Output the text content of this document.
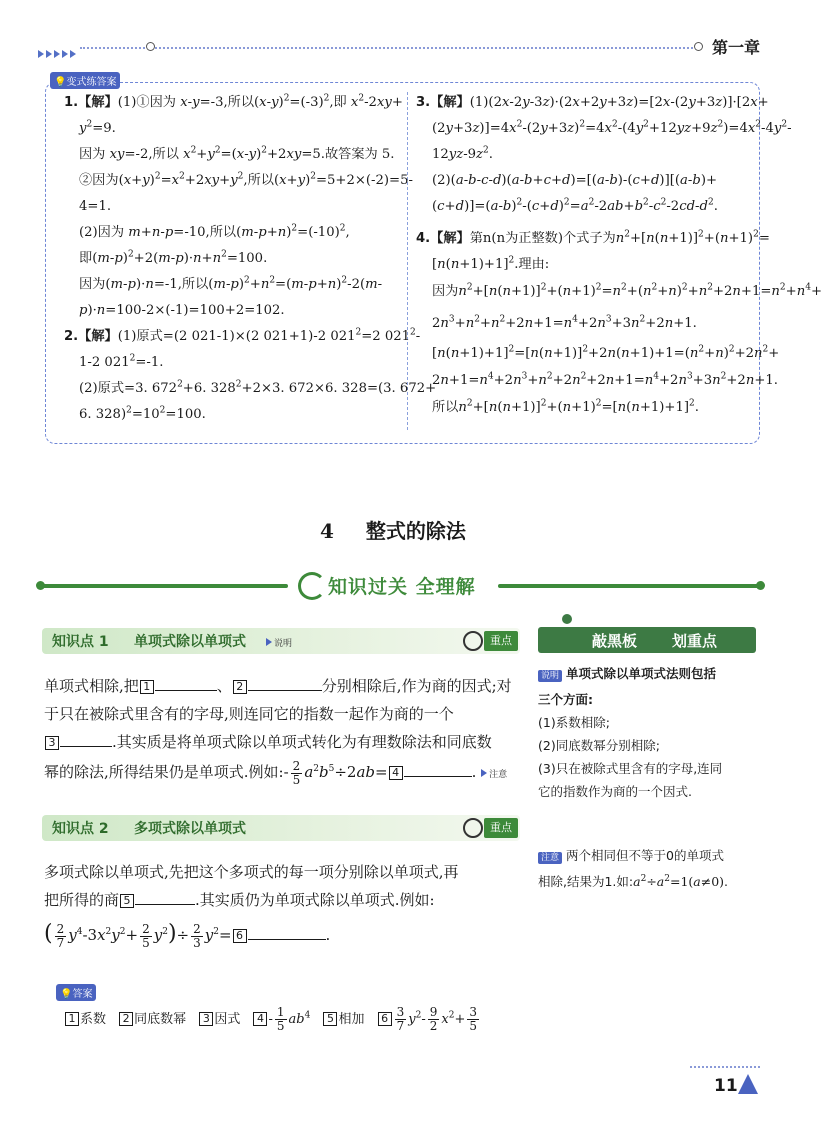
第一章
💡变式练答案
1.【解】(1)①因为 x-y=-3,所以$(x-y)^2=(-3)^2$,即 $x^2-2xy+$
$y^2=9$.
因为 xy=-2,所以 $x^2+y^2=(x-y)^2+2xy=5$.故答案为 5.
②因为$(x+y)^2=x^2+2xy+y^2$,所以$(x+y)^2=5+2\times(-2)=5-$
4=1.
(2)因为 m+n-p=-10,所以$(m-p+n)^2=(-10)^2$,
即$(m-p)^2+2(m-p)\cdot n+n^2=100$.
因为(m-p)·n=-1,所以$(m-p)^2+n^2=(m-p+n)^2-2(m-$
p)·n=100-2×(-1)=100+2=102.
2.【解】(1)原式=(2 021-1)×(2 021+1)-2 $021^2=2$ $021^2-$
1-2 $021^2=-1$.
(2)原式=3. $672^2+6$. $328^2+2\times 3$. 672×6. 328=(3. 672+
6. $328)^2=10^2=100$.
3.【解】(1)(2x-2y-3z)·(2x+2y+3z)=[2x-(2y+3z)]·[2x+
$(2y+3z)]=4x^2-(2y+3z)^2=4x^2-(4y^2+12yz+9z^2)=4x^2-4y^2-$
$12yz-9z^2$.
(2)(a-b-c-d)(a-b+c+d)=[(a-b)-(c+d)][(a-b)+
$(c+d)]=(a-b)^2-(c+d)^2=a^2-2ab+b^2-c^2-2cd-d^2$.
4.【解】第n(n为正整数)个式子为$n^2+[n(n+1)]^2+(n+1)^2=$
$[n(n+1)+1]^2$.理由:
因为$n^2+[n(n+1)]^2+(n+1)^2=n^2+(n^2+n)^2+n^2+2n+1=n^2+n^4+$
$2n^3+n^2+n^2+2n+1=n^4+2n^3+3n^2+2n+1$.
$[n(n+1)+1]^2=[n(n+1)]^2+2n(n+1)+1=(n^2+n)^2+2n^2+$
$2n+1=n^4+2n^3+n^2+2n^2+2n+1=n^4+2n^3+3n^2+2n+1$.
所以$n^2+[n(n+1)]^2+(n+1)^2=[n(n+1)+1]^2$.
4 整式的除法
知识过关 全理解
知识点 1 单项式除以单项式	说明	重点
单项式相除,把 1	、 2	分别相除后,作为商的因式;对
于只在被除式里含有的字母,则连同它的指数一起作为商的一个
3	.其实质是将单项式除以单项式转化为有理数除法和同底数
幂的除法,所得结果仍是单项式.例如:- $\frac{2}{5} a^2b^5\div 2ab= 4$	. 注意
知识点 2 多项式除以单项式	重点
多项式除以单项式,先把这个多项式的每一项分别除以单项式,再
把所得的商 5	.其实质仍为单项式除以单项式.例如:
( $\frac{2}{7} y^4-3x^2y^2+ \frac{2}{5} y^2)\div \frac{2}{3} y^2= 6$	.
敲黑板 划重点
说明 单项式除以单项式法则包括
三个方面:
(1)系数相除;
(2)同底数幂分别相除;
(3)只在被除式里含有的字母,连同
它的指数作为商的一个因式.
注意 两个相同但不等于0的单项式
相除,结果为1.如$:a^2\div a^2=1(a\ne 0)$.
💡答案
1 系数 2 同底数幂 3 因式 $4 - \frac{1}{5} ab^4$ 5 相加 $6 \frac{3}{7} y^2- \frac{9}{2} x^2+ \frac{3}{5}$
11
